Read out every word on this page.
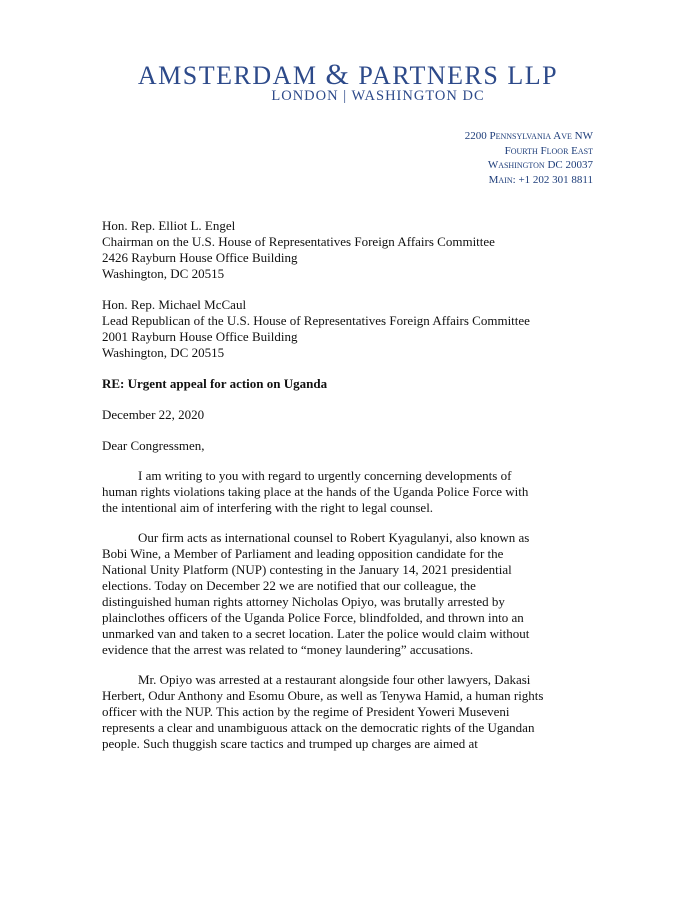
AMSTERDAM & PARTNERS LLP
LONDON | WASHINGTON DC
2200 Pennsylvania Ave NW
Fourth Floor East
Washington DC 20037
Main: +1 202 301 8811
Hon. Rep. Elliot L. Engel
Chairman on the U.S. House of Representatives Foreign Affairs Committee
2426 Rayburn House Office Building
Washington, DC 20515
Hon. Rep. Michael McCaul
Lead Republican of the U.S. House of Representatives Foreign Affairs Committee
2001 Rayburn House Office Building
Washington, DC 20515
RE: Urgent appeal for action on Uganda
December 22, 2020
Dear Congressmen,
I am writing to you with regard to urgently concerning developments of
human rights violations taking place at the hands of the Uganda Police Force with
the intentional aim of interfering with the right to legal counsel.
Our firm acts as international counsel to Robert Kyagulanyi, also known as
Bobi Wine, a Member of Parliament and leading opposition candidate for the
National Unity Platform (NUP) contesting in the January 14, 2021 presidential
elections. Today on December 22 we are notified that our colleague, the
distinguished human rights attorney Nicholas Opiyo, was brutally arrested by
plainclothes officers of the Uganda Police Force, blindfolded, and thrown into an
unmarked van and taken to a secret location. Later the police would claim without
evidence that the arrest was related to “money laundering” accusations.
Mr. Opiyo was arrested at a restaurant alongside four other lawyers, Dakasi
Herbert, Odur Anthony and Esomu Obure, as well as Tenywa Hamid, a human rights
officer with the NUP. This action by the regime of President Yoweri Museveni
represents a clear and unambiguous attack on the democratic rights of the Ugandan
people. Such thuggish scare tactics and trumped up charges are aimed at
